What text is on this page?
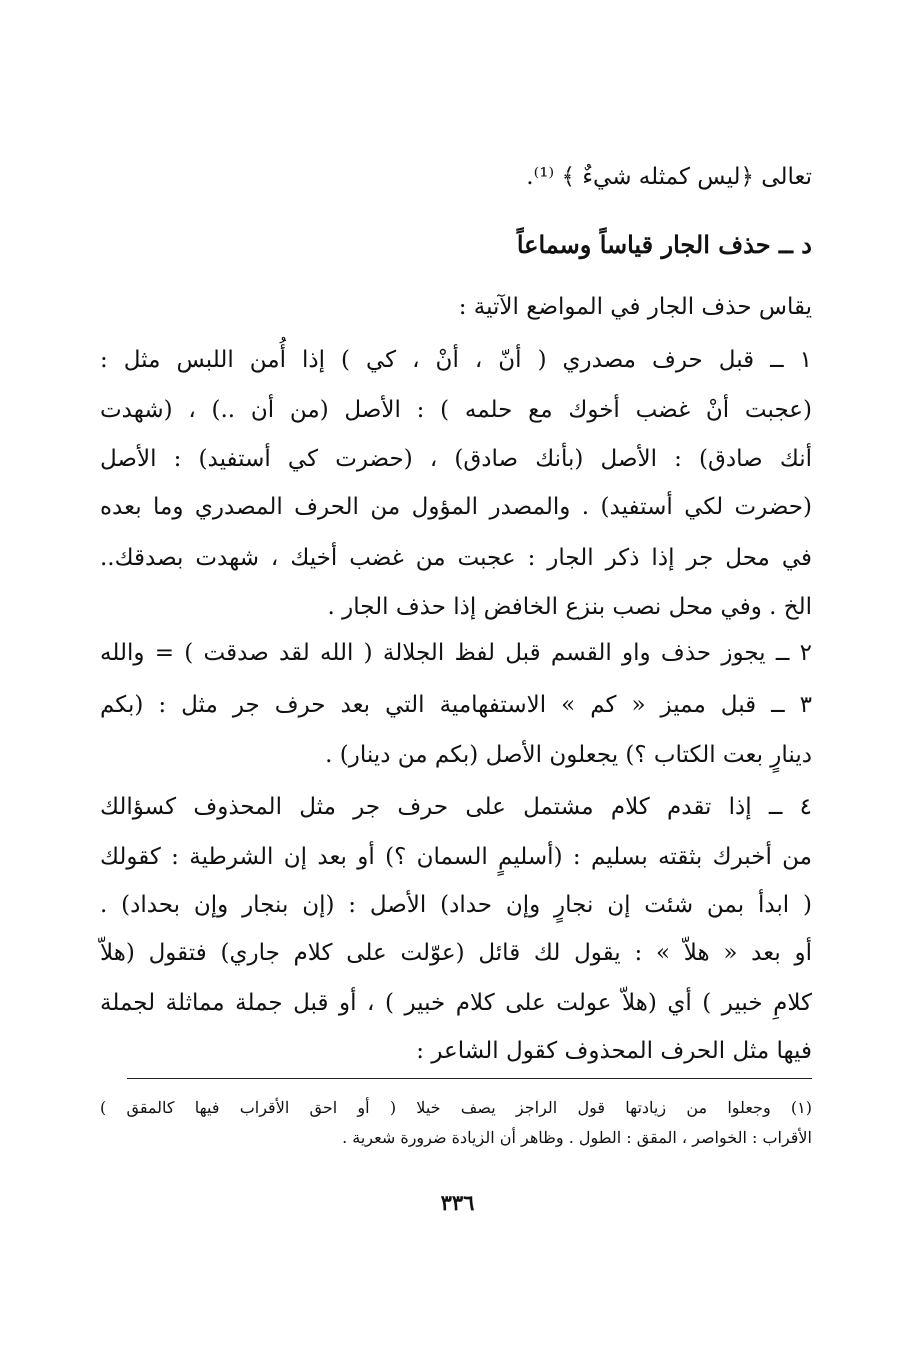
تعالى ﴿ليس كمثله شيءٌ ﴾ ⁽¹⁾.
د ــ حذف الجار قياساً وسماعاً
يقاس حذف الجار في المواضع الآتية :
١ ــ قبل حرف مصدري ( أنّ ، أنْ ، كي ) إذا أُمن اللبس مثل :
(عجبت أنْ غضب أخوك مع حلمه ) : الأصل (من أن ..) ، (شهدت
أنك صادق) : الأصل (بأنك صادق) ، (حضرت كي أستفيد) : الأصل
(حضرت لكي أستفيد) . والمصدر المؤول من الحرف المصدري وما بعده
في محل جر إذا ذكر الجار : عجبت من غضب أخيك ، شهدت بصدقك..
الخ . وفي محل نصب بنزع الخافض إذا حذف الجار .
٢ ــ يجوز حذف واو القسم قبل لفظ الجلالة ( الله لقد صدقت ) = والله
٣ ــ قبل مميز « كم » الاستفهامية التي بعد حرف جر مثل : (بكم
دينارٍ بعت الكتاب ؟) يجعلون الأصل (بكم من دينار) .
٤ ــ إذا تقدم كلام مشتمل على حرف جر مثل المحذوف كسؤالك
من أخبرك بثقته بسليم : (أسليمٍ السمان ؟) أو بعد إن الشرطية : كقولك
( ابدأ بمن شئت إن نجارٍ وإن حداد) الأصل : (إن بنجار وإن بحداد) .
أو بعد « هلاّ » : يقول لك قائل (عوّلت على كلام جاري) فتقول (هلاّ
كلامِ خبير ) أي (هلاّ عولت على كلام خبير ) ، أو قبل جملة مماثلة لجملة
فيها مثل الحرف المحذوف كقول الشاعر :
(١) وجعلوا من زيادتها قول الراجز يصف خيلا ( أو احق الأقراب فيها كالمقق )
الأقراب : الخواصر ، المقق : الطول . وظاهر أن الزيادة ضرورة شعرية .
٣٣٦
